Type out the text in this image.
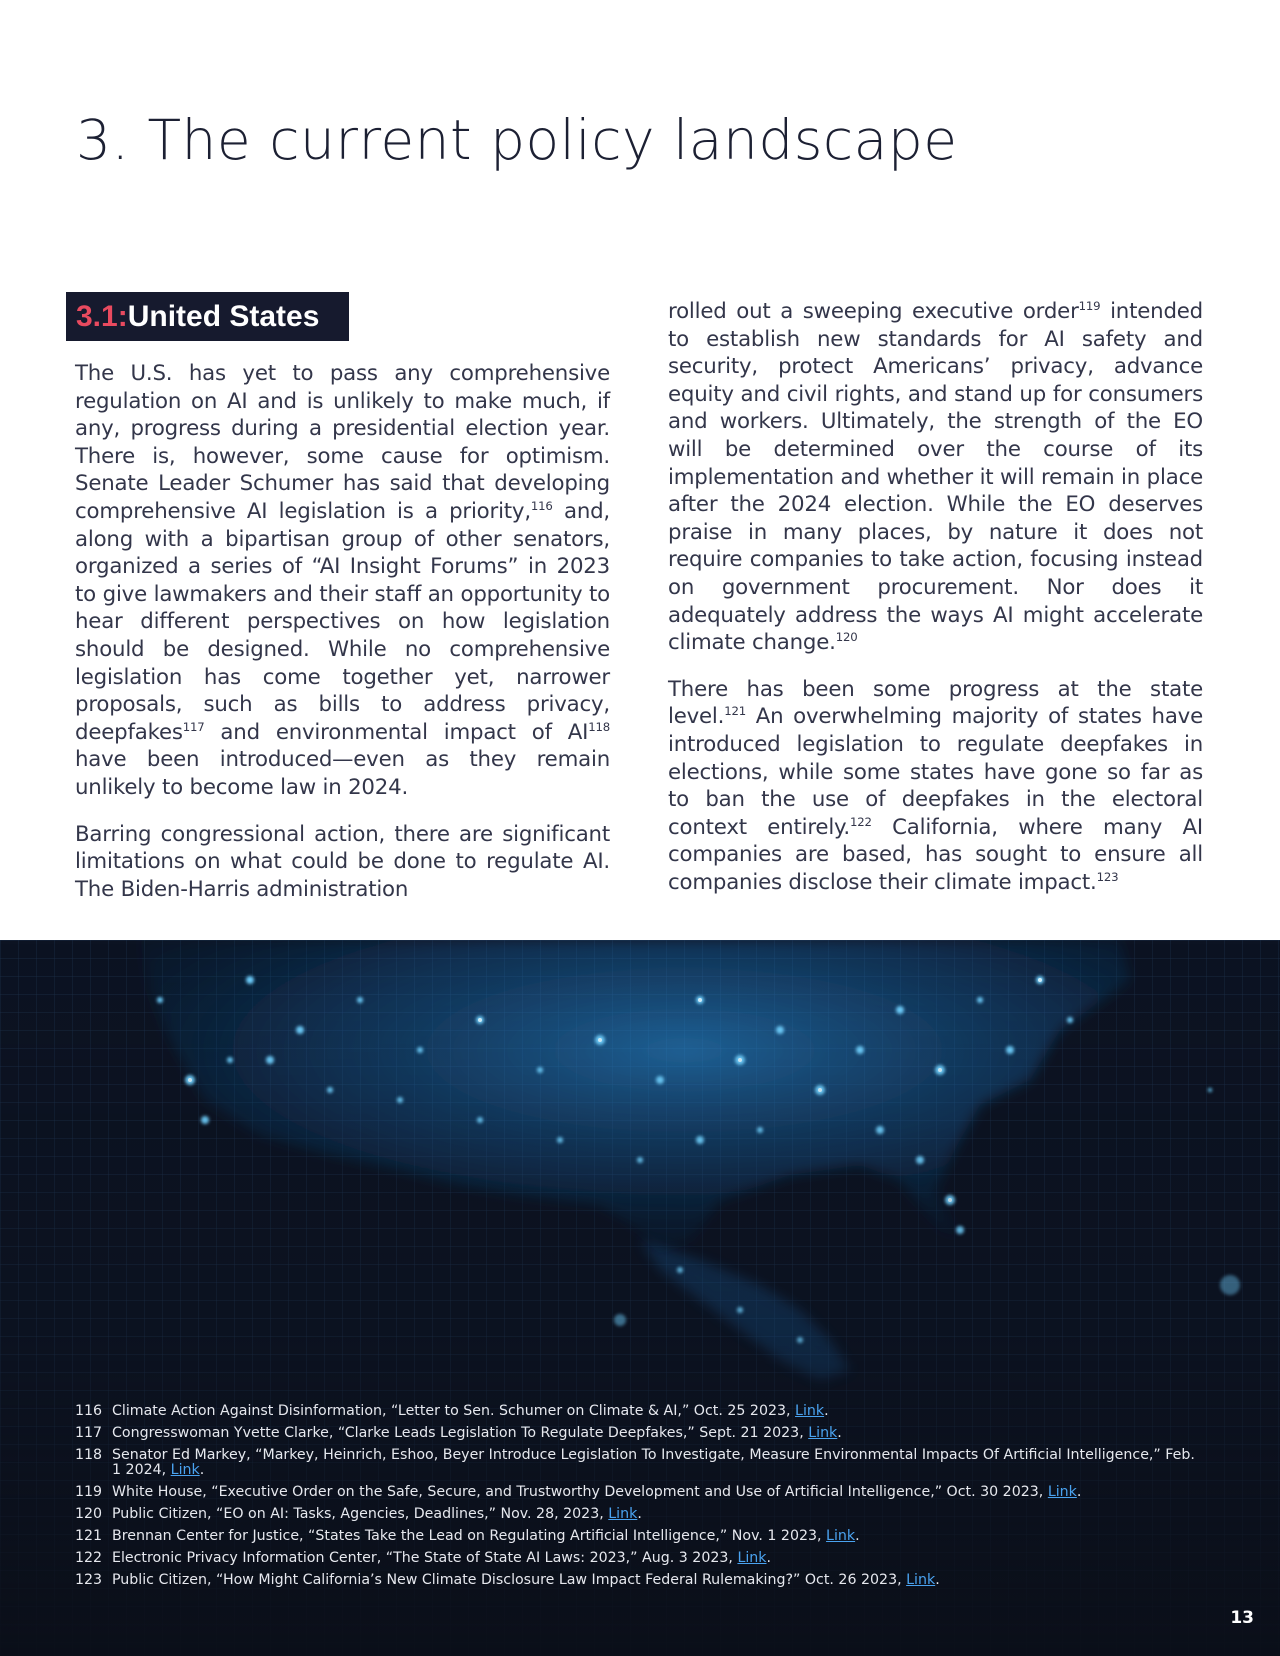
3. The current policy landscape
3.1: United States

The U.S. has yet to pass any comprehensive regulation on AI and is unlikely to make much, if any, progress during a presidential election year. There is, however, some cause for optimism. Senate Leader Schumer has said that developing comprehensive AI legislation is a priority,$^{116}$ and, along with a bipartisan group of other senators, organized a series of “AI Insight Forums” in 2023 to give lawmakers and their staff an opportunity to hear different perspectives on how legislation should be designed. While no comprehensive legislation has come together yet, narrower proposals, such as bills to address privacy, deepfakes$^{117}$ and environmental impact of AI$^{118}$ have been introduced—even as they remain unlikely to become law in 2024.

Barring congressional action, there are significant limitations on what could be done to regulate AI. The Biden-Harris administration

rolled out a sweeping executive order$^{119}$ intended to establish new standards for AI safety and security, protect Americans’ privacy, advance equity and civil rights, and stand up for consumers and workers. Ultimately, the strength of the EO will be determined over the course of its implementation and whether it will remain in place after the 2024 election. While the EO deserves praise in many places, by nature it does not require companies to take action, focusing instead on government procurement. Nor does it adequately address the ways AI might accelerate climate change.$^{120}$

There has been some progress at the state level.$^{121}$ An overwhelming majority of states have introduced legislation to regulate deepfakes in elections, while some states have gone so far as to ban the use of deepfakes in the electoral context entirely.$^{122}$ California, where many AI companies are based, has sought to ensure all companies disclose their climate impact.$^{123}$

116 Climate Action Against Disinformation, “Letter to Sen. Schumer on Climate & AI,” Oct. 25 2023, Link.
117 Congresswoman Yvette Clarke, “Clarke Leads Legislation To Regulate Deepfakes,” Sept. 21 2023, Link.
118 Senator Ed Markey, “Markey, Heinrich, Eshoo, Beyer Introduce Legislation To Investigate, Measure Environmental Impacts Of Artificial Intelligence,” Feb. 1 2024, Link.
119 White House, “Executive Order on the Safe, Secure, and Trustworthy Development and Use of Artificial Intelligence,” Oct. 30 2023, Link.
120 Public Citizen, “EO on AI: Tasks, Agencies, Deadlines,” Nov. 28, 2023, Link.
121 Brennan Center for Justice, “States Take the Lead on Regulating Artificial Intelligence,” Nov. 1 2023, Link.
122 Electronic Privacy Information Center, “The State of State AI Laws: 2023,” Aug. 3 2023, Link.
123 Public Citizen, “How Might California’s New Climate Disclosure Law Impact Federal Rulemaking?” Oct. 26 2023, Link.
13
